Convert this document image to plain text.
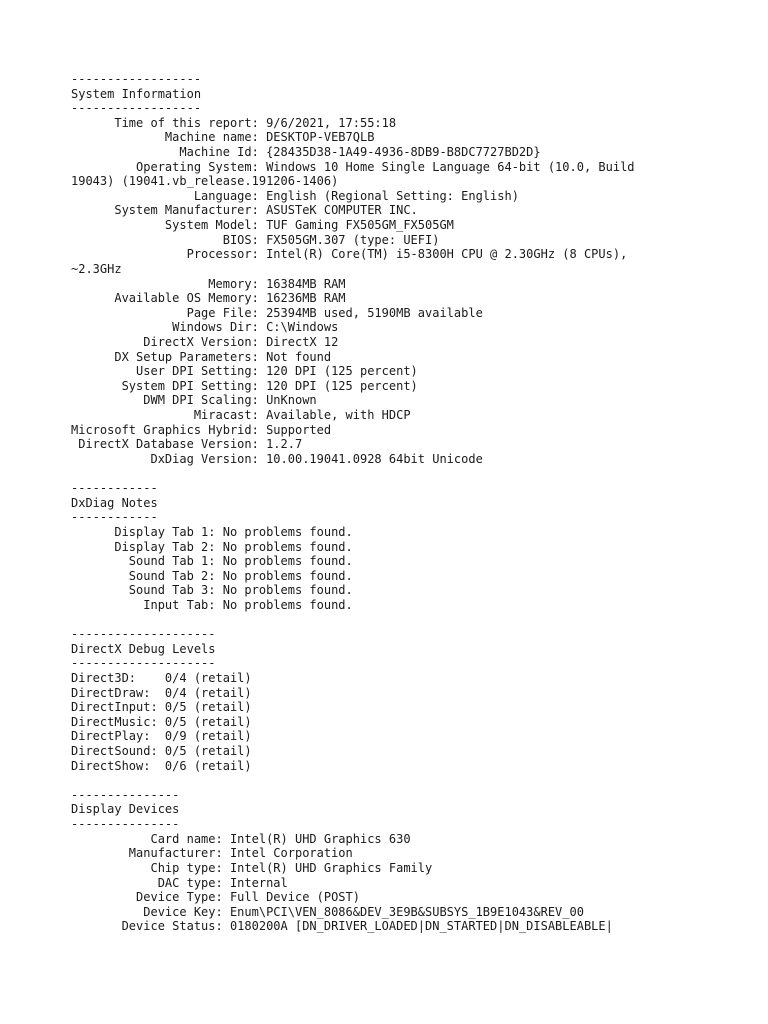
------------------
System Information
------------------
Time of this report: 9/6/2021, 17:55:18
Machine name: DESKTOP-VEB7QLB
Machine Id: {28435D38-1A49-4936-8DB9-B8DC7727BD2D}
Operating System: Windows 10 Home Single Language 64-bit (10.0, Build
19043) (19041.vb_release.191206-1406)
Language: English (Regional Setting: English)
System Manufacturer: ASUSTeK COMPUTER INC.
System Model: TUF Gaming FX505GM_FX505GM
BIOS: FX505GM.307 (type: UEFI)
Processor: Intel(R) Core(TM) i5-8300H CPU @ 2.30GHz (8 CPUs),
~2.3GHz
Memory: 16384MB RAM
Available OS Memory: 16236MB RAM
Page File: 25394MB used, 5190MB available
Windows Dir: C:\Windows
DirectX Version: DirectX 12
DX Setup Parameters: Not found
User DPI Setting: 120 DPI (125 percent)
System DPI Setting: 120 DPI (125 percent)
DWM DPI Scaling: UnKnown
Miracast: Available, with HDCP
Microsoft Graphics Hybrid: Supported
DirectX Database Version: 1.2.7
DxDiag Version: 10.00.19041.0928 64bit Unicode
------------
DxDiag Notes
------------
Display Tab 1: No problems found.
Display Tab 2: No problems found.
Sound Tab 1: No problems found.
Sound Tab 2: No problems found.
Sound Tab 3: No problems found.
Input Tab: No problems found.
--------------------
DirectX Debug Levels
--------------------
Direct3D:    0/4 (retail)
DirectDraw:  0/4 (retail)
DirectInput: 0/5 (retail)
DirectMusic: 0/5 (retail)
DirectPlay:  0/9 (retail)
DirectSound: 0/5 (retail)
DirectShow:  0/6 (retail)
---------------
Display Devices
---------------
Card name: Intel(R) UHD Graphics 630
Manufacturer: Intel Corporation
Chip type: Intel(R) UHD Graphics Family
DAC type: Internal
Device Type: Full Device (POST)
Device Key: Enum\PCI\VEN_8086&DEV_3E9B&SUBSYS_1B9E1043&REV_00
Device Status: 0180200A [DN_DRIVER_LOADED|DN_STARTED|DN_DISABLEABLE|
